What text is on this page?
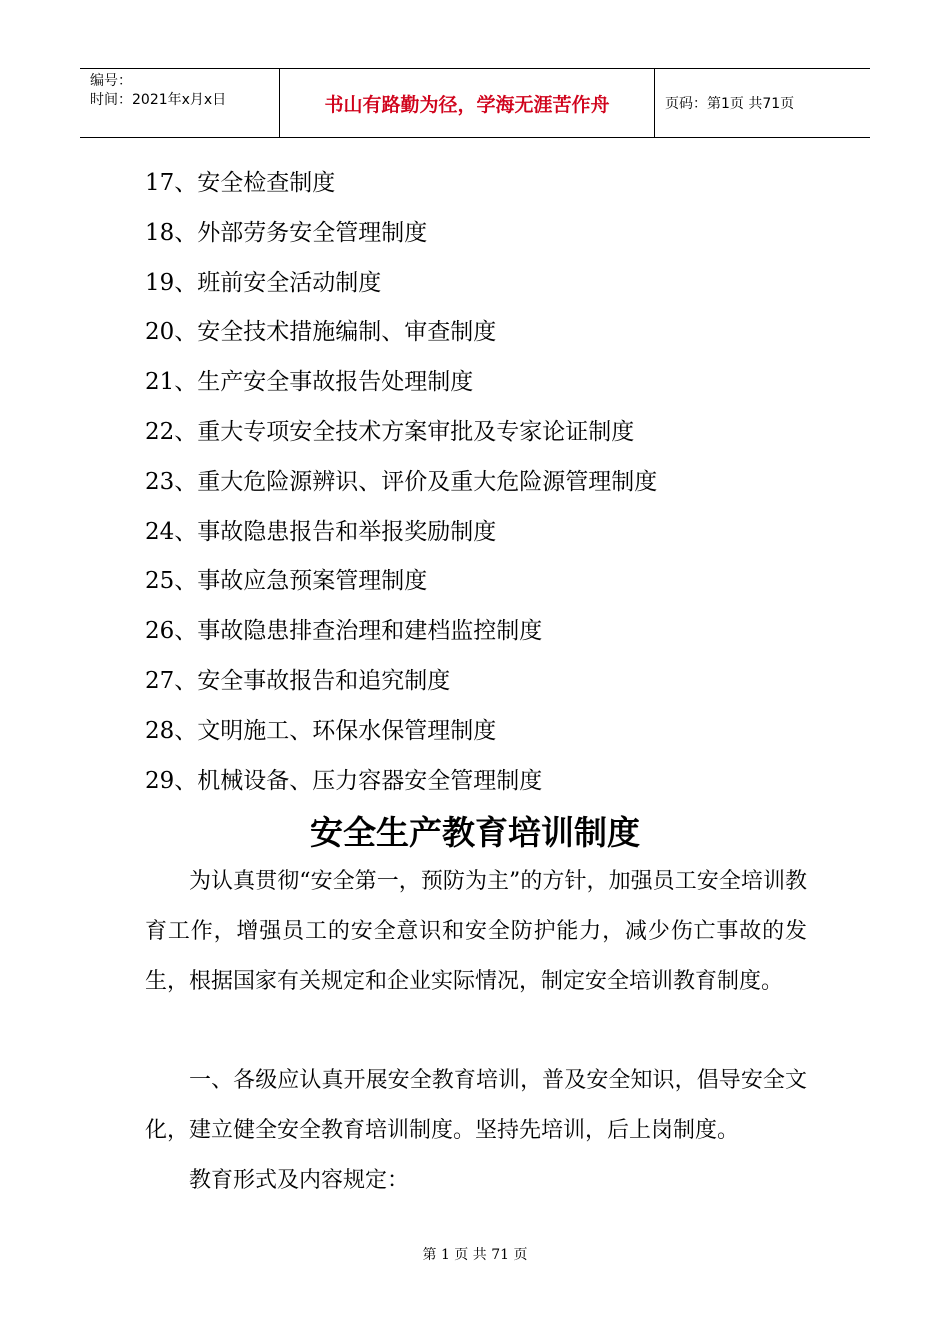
编号：
时间：2021年x月x日	书山有路勤为径，学海无涯苦作舟	页码：第1页 共71页
17、安全检查制度
18、外部劳务安全管理制度
19、班前安全活动制度
20、安全技术措施编制、审查制度
21、生产安全事故报告处理制度
22、重大专项安全技术方案审批及专家论证制度
23、重大危险源辨识、评价及重大危险源管理制度
24、事故隐患报告和举报奖励制度
25、事故应急预案管理制度
26、事故隐患排查治理和建档监控制度
27、安全事故报告和追究制度
28、文明施工、环保水保管理制度
29、机械设备、压力容器安全管理制度
安全生产教育培训制度

为认真贯彻“安全第一，预防为主”的方针，加强员工安全培训教育工作，增强员工的安全意识和安全防护能力，减少伤亡事故的发生，根据国家有关规定和企业实际情况，制定安全培训教育制度。

一、各级应认真开展安全教育培训，普及安全知识，倡导安全文化，建立健全安全教育培训制度。坚持先培训，后上岗制度。

教育形式及内容规定：

第 1 页 共 71 页
